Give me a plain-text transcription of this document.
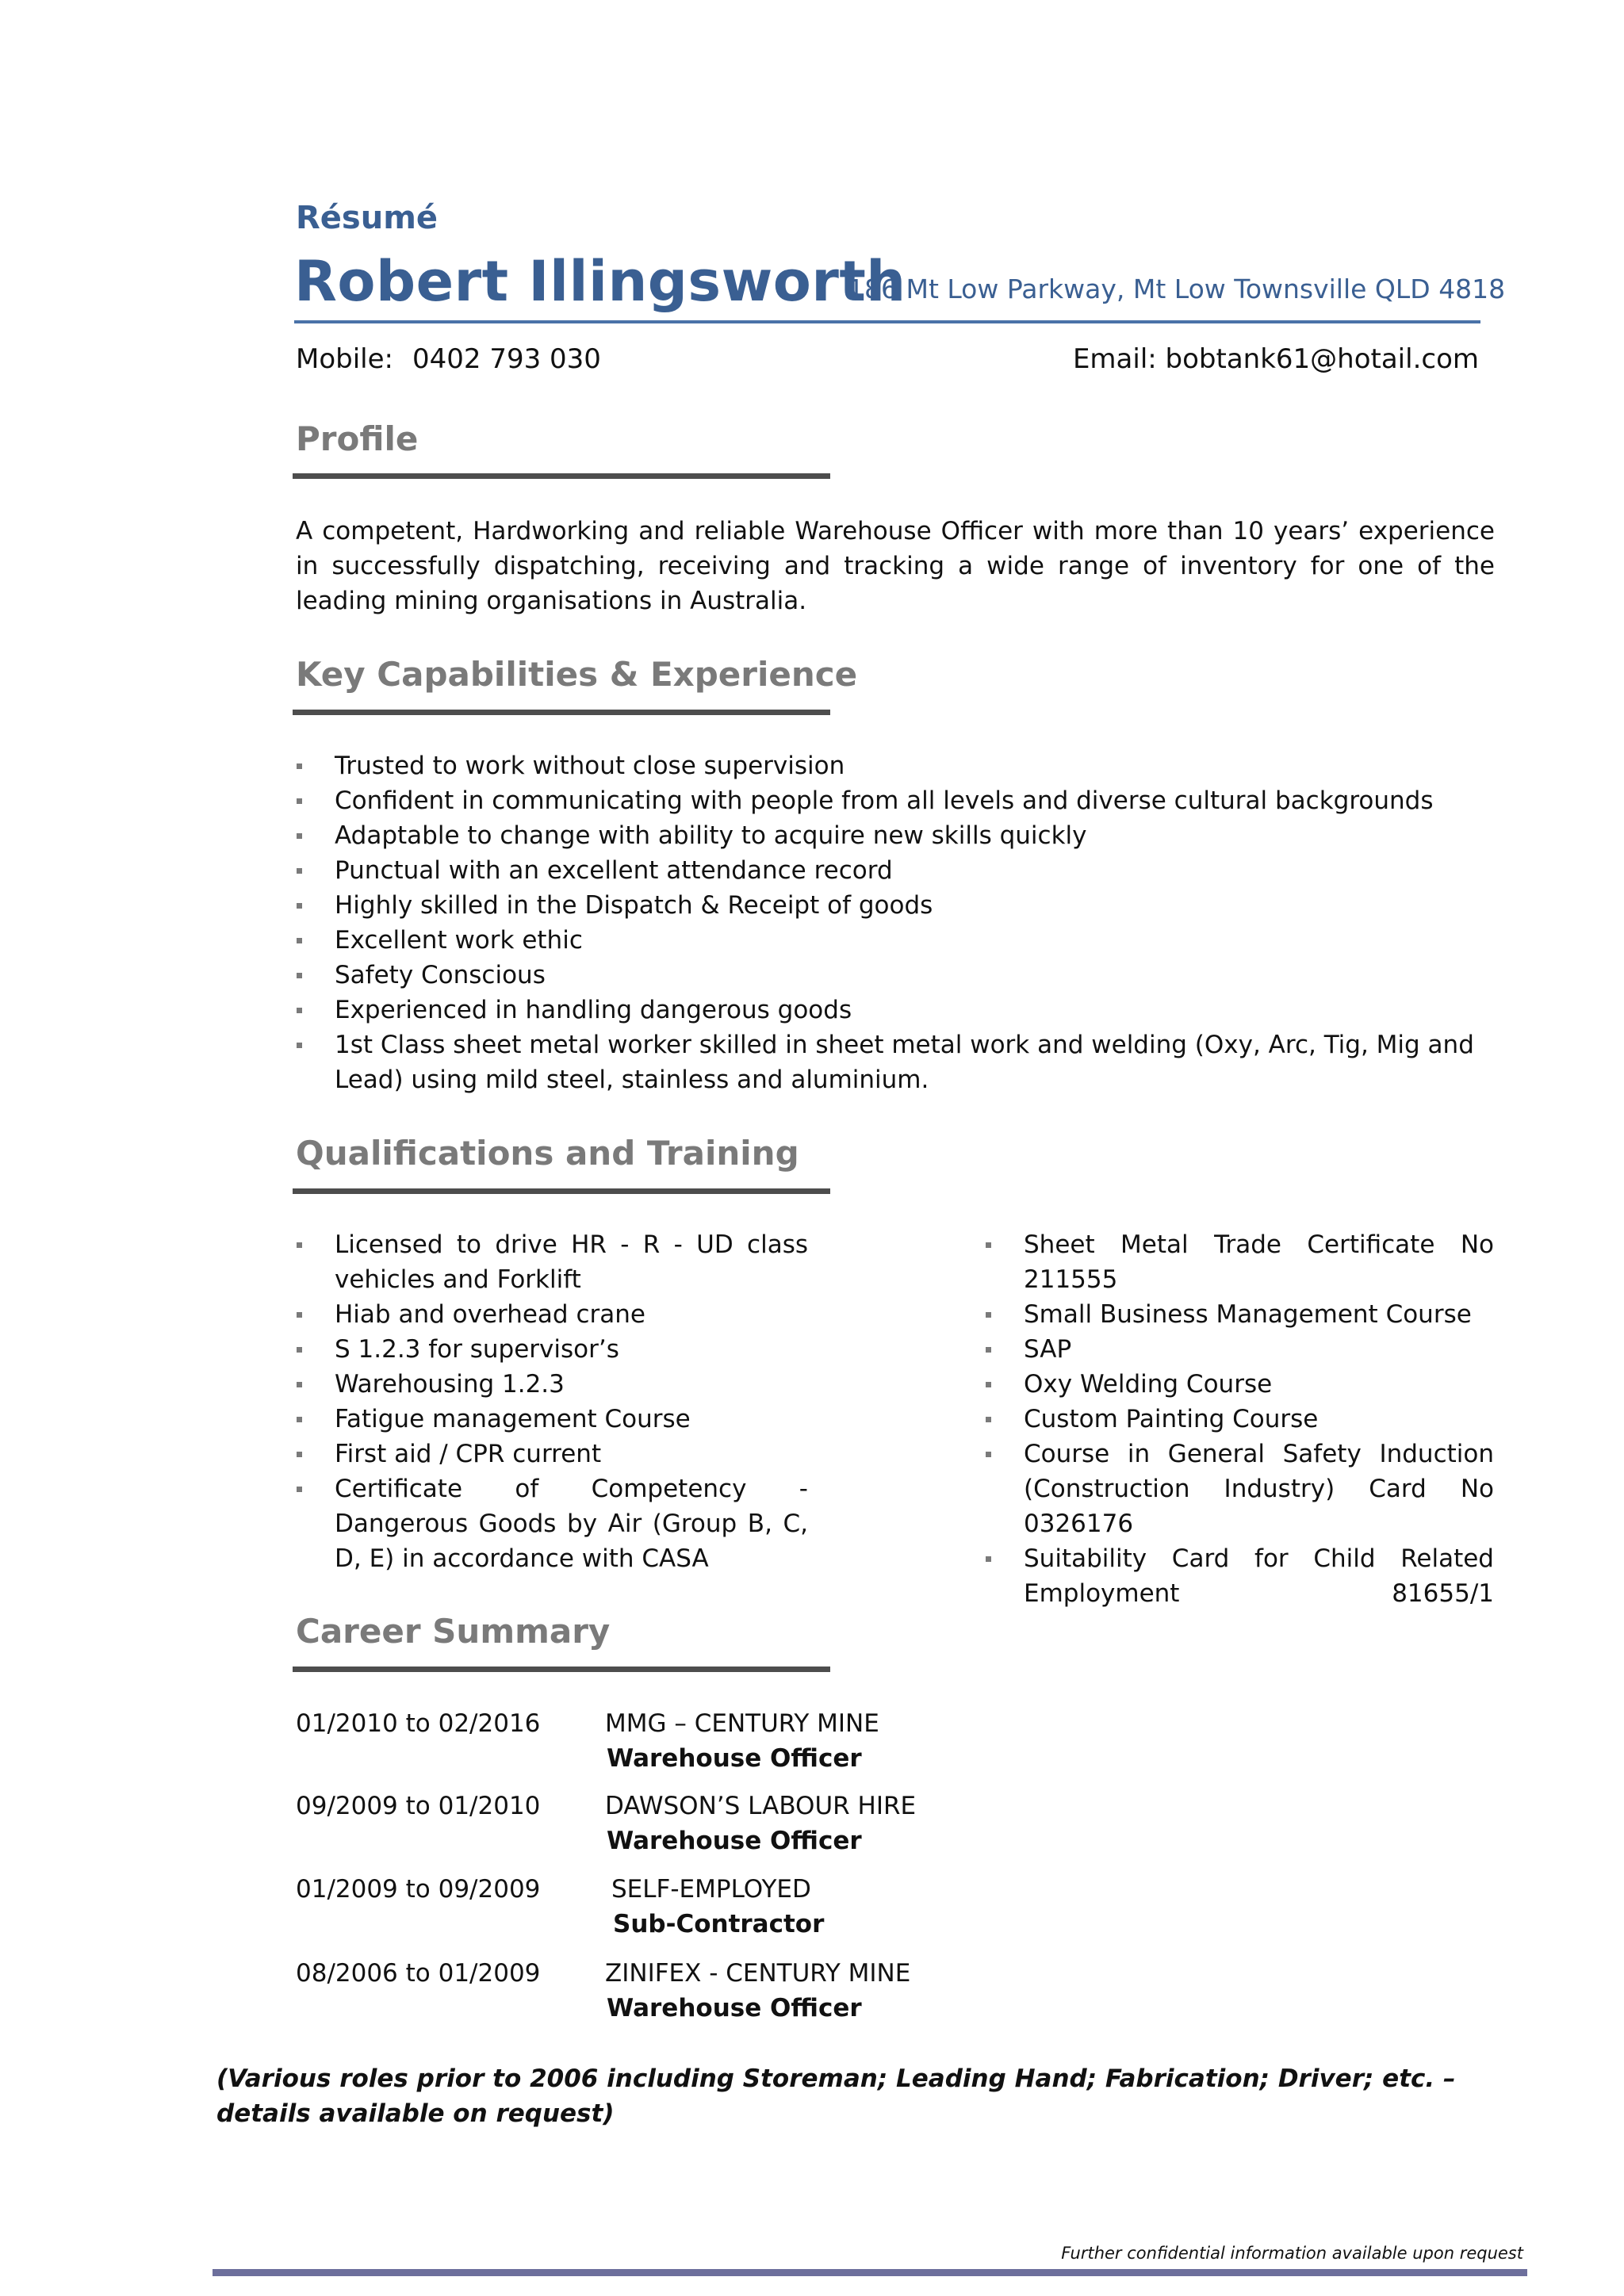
Résumé
Robert Illingsworth
186 Mt Low Parkway, Mt Low Townsville QLD 4818
Mobile: 0402 793 030	Email: bobtank61@hotail.com
Profile

A competent, Hardworking and reliable Warehouse Officer with more than 10 years’ experience in successfully dispatching, receiving and tracking a wide range of inventory for one of the leading mining organisations in Australia.

Key Capabilities & Experience
Trusted to work without close supervision
Confident in communicating with people from all levels and diverse cultural backgrounds
Adaptable to change with ability to acquire new skills quickly
Punctual with an excellent attendance record
Highly skilled in the Dispatch & Receipt of goods
Excellent work ethic
Safety Conscious
Experienced in handling dangerous goods
1st Class sheet metal worker skilled in sheet metal work and welding (Oxy, Arc, Tig, Mig and Lead) using mild steel, stainless and aluminium.
Qualifications and Training
Licensed to drive HR - R - UD class vehicles and Forklift
Hiab and overhead crane
S 1.2.3 for supervisor’s
Warehousing 1.2.3
Fatigue management Course
First aid / CPR current
Certificate of Competency - Dangerous Goods by Air (Group B, C, D, E) in accordance with CASA
Sheet Metal Trade Certificate No 211555
Small Business Management Course
SAP
Oxy Welding Course
Custom Painting Course
Course in General Safety Induction (Construction Industry) Card No 0326176
Suitability Card for Child Related Employment 81655/1
Career Summary
01/2010 to 02/2016	MMG – CENTURY MINE
Warehouse Officer
09/2009 to 01/2010	DAWSON’S LABOUR HIRE
Warehouse Officer
01/2009 to 09/2009	SELF-EMPLOYED
Sub-Contractor
08/2006 to 01/2009	ZINIFEX - CENTURY MINE
Warehouse Officer

(Various roles prior to 2006 including Storeman; Leading Hand; Fabrication; Driver; etc. – details available on request)

Further confidential information available upon request
